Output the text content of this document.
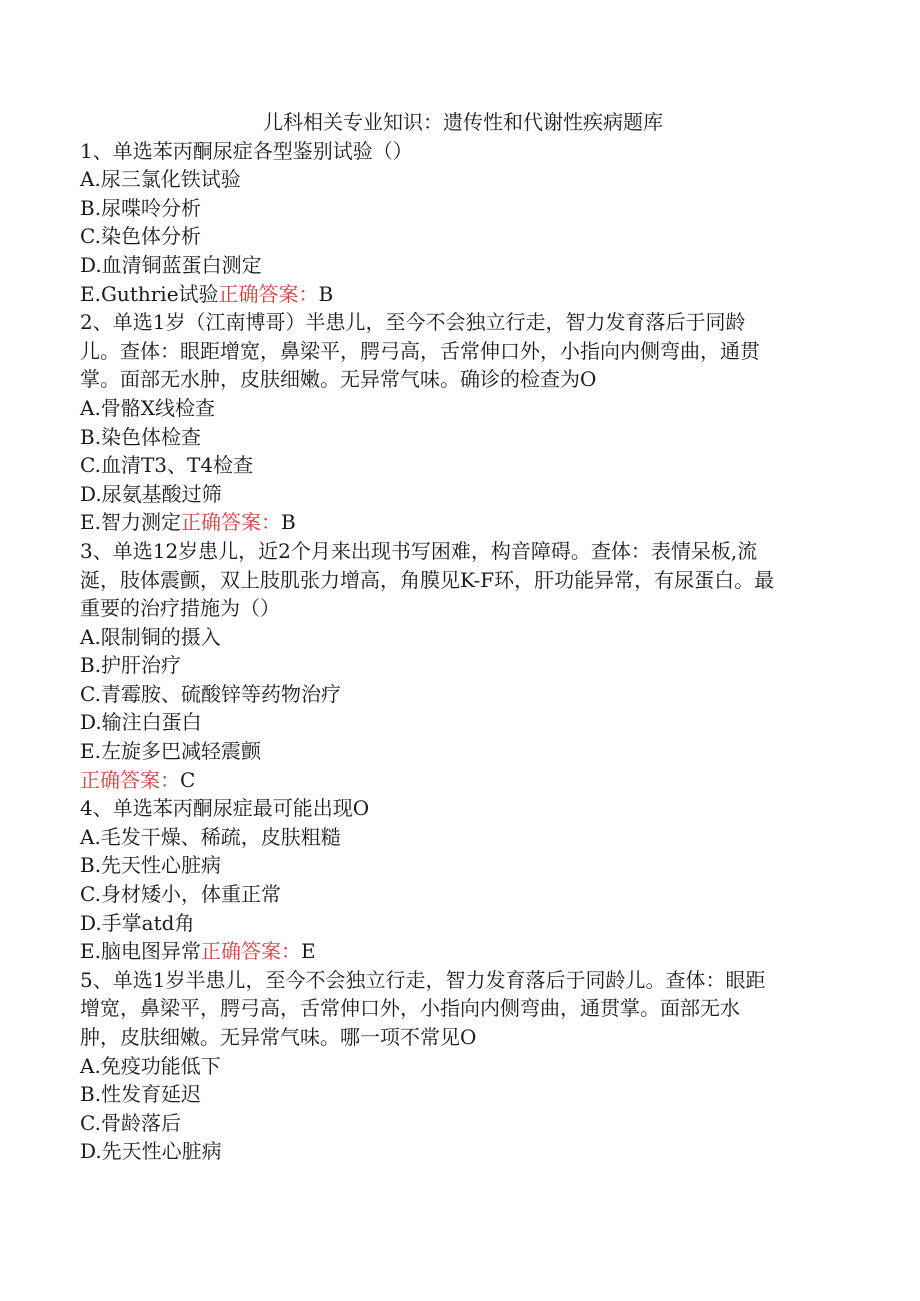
儿科相关专业知识：遗传性和代谢性疾病题库

1、单选苯丙酮尿症各型鉴别试验（）

A.尿三氯化铁试验

B.尿喋呤分析

C.染色体分析

D.血清铜蓝蛋白测定

E.Guthrie试验正确答案：B

2、单选1岁（江南博哥）半患儿，至今不会独立行走，智力发育落后于同龄

儿。查体：眼距增宽，鼻梁平，腭弓高，舌常伸口外，小指向内侧弯曲，通贯

掌。面部无水肿，皮肤细嫩。无异常气味。确诊的检查为O

A.骨骼X线检查

B.染色体检查

C.血清T3、T4检查

D.尿氨基酸过筛

E.智力测定正确答案：B

3、单选12岁患儿，近2个月来出现书写困难，构音障碍。查体：表情呆板,流

涎，肢体震颤，双上肢肌张力增高，角膜见K-F环，肝功能异常，有尿蛋白。最

重要的治疗措施为（）

A.限制铜的摄入

B.护肝治疗

C.青霉胺、硫酸锌等药物治疗

D.输注白蛋白

E.左旋多巴减轻震颤

正确答案：C

4、单选苯丙酮尿症最可能出现O

A.毛发干燥、稀疏，皮肤粗糙

B.先天性心脏病

C.身材矮小，体重正常

D.手掌atd角

E.脑电图异常正确答案：E

5、单选1岁半患儿，至今不会独立行走，智力发育落后于同龄儿。查体：眼距

增宽，鼻梁平，腭弓高，舌常伸口外，小指向内侧弯曲，通贯掌。面部无水

肿，皮肤细嫩。无异常气味。哪一项不常见O

A.免疫功能低下

B.性发育延迟

C.骨龄落后

D.先天性心脏病
